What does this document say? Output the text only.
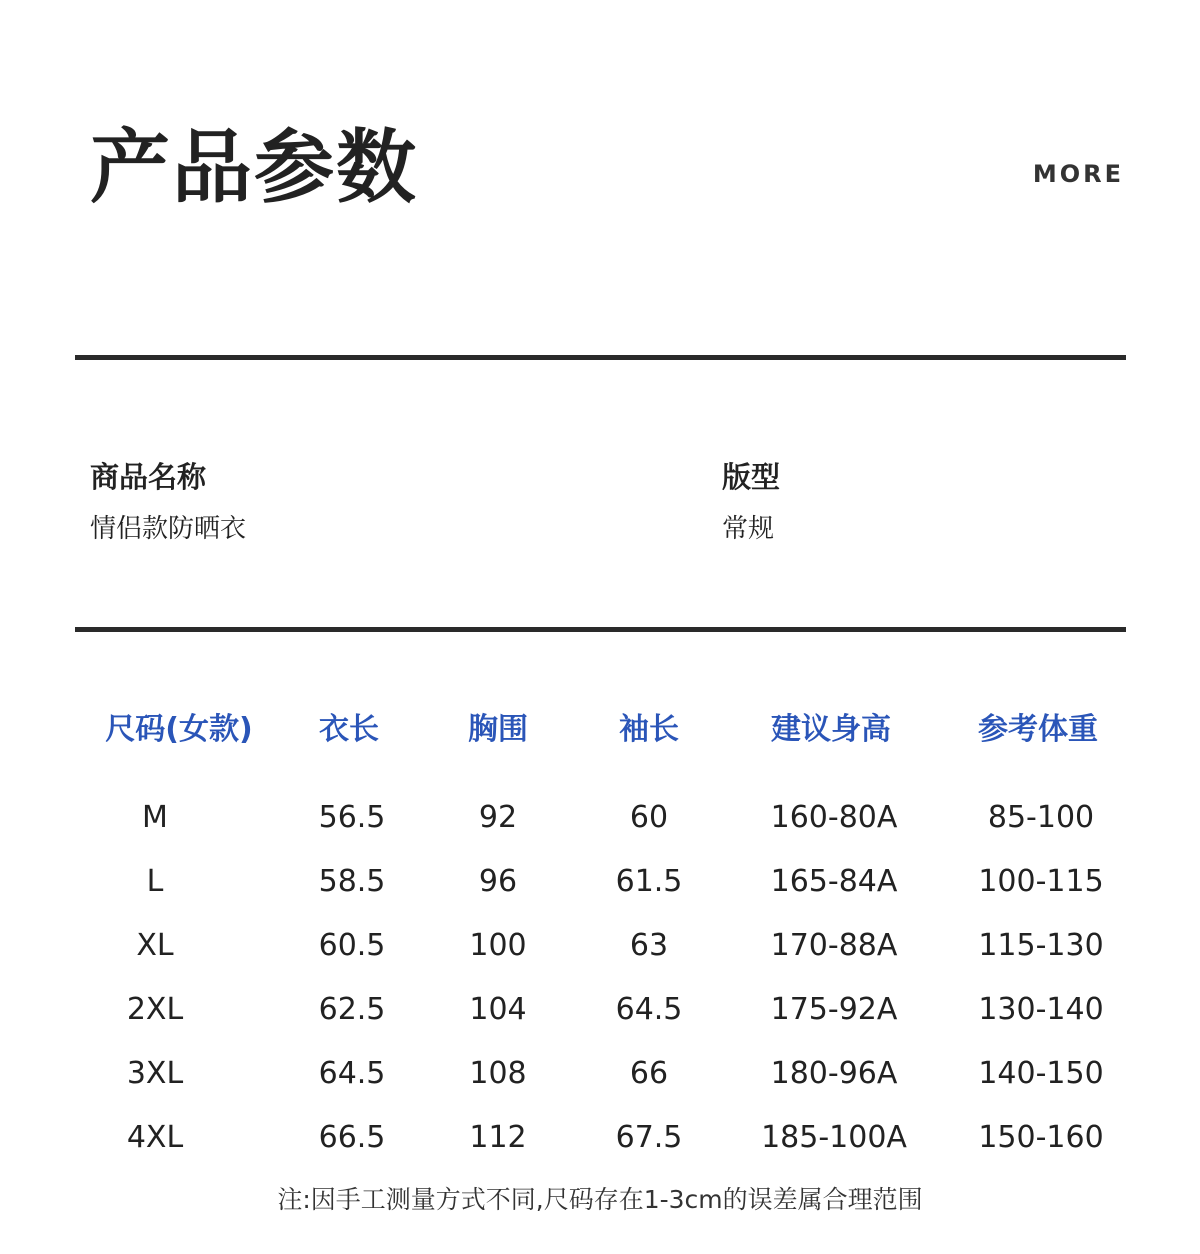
产品参数	MORE
商品名称
情侣款防晒衣
版型
常规
尺码(女款) 衣长	胸围	袖长	建议身高	参考体重
M	56.5	92	60	160-80A	85-100
L	58.5	96	61.5	165-84A	100-115
XL	60.5	100	63	170-88A	115-130
2XL	62.5	104	64.5	175-92A	130-140
3XL	64.5	108	66	180-96A	140-150
4XL	66.5	112	67.5	185-100A 150-160
注:因手工测量方式不同,尺码存在1-3cm的误差属合理范围
